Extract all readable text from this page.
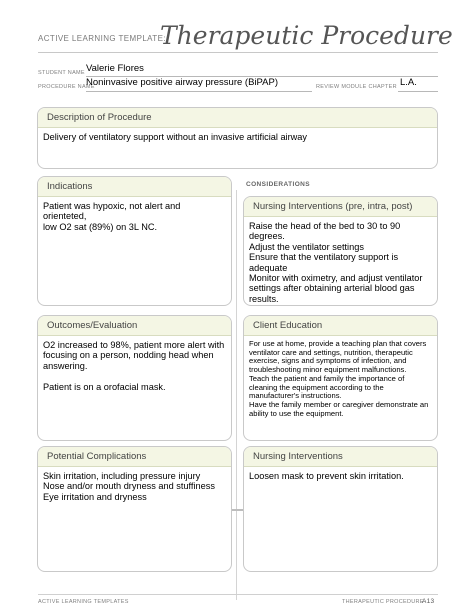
ACTIVE LEARNING TEMPLATE:
Therapeutic Procedure
STUDENT NAME Valerie Flores
PROCEDURE NAME
Noninvasive positive airway pressure (BiPAP)	REVIEW MODULE CHAPTER L.A.
Description of Procedure
Delivery of ventilatory support without an invasive artificial airway
Indications
Patient was hypoxic, not alert and orienteted,
low O2 sat (89%) on 3L NC.
CONSIDERATIONS
Nursing Interventions (pre, intra, post)
Raise the head of the bed to 30 to 90
degrees.
Adjust the ventilator settings
Ensure that the ventilatory support is
adequate
Monitor with oximetry, and adjust ventilator
settings after obtaining arterial blood gas
results.
Outcomes/Evaluation
O2 increased to 98%, patient more alert with
focusing on a person, nodding head when
answering.

Patient is on a orofacial mask.
Client Education
For use at home, provide a teaching plan that covers
ventilator care and settings, nutrition, therapeutic
exercise, signs and symptoms of infection, and
troubleshooting minor equipment malfunctions.
Teach the patient and family the importance of
cleaning the equipment according to the
manufacturer's instructions.
Have the family member or caregiver demonstrate an
ability to use the equipment.
Potential Complications
Skin irritation, including pressure injury
Nose and/or mouth dryness and stuffiness
Eye irritation and dryness
Nursing Interventions
Loosen mask to prevent skin irritation.
ACTIVE LEARNING TEMPLATES	THERAPEUTIC PROCEDURE
A13
